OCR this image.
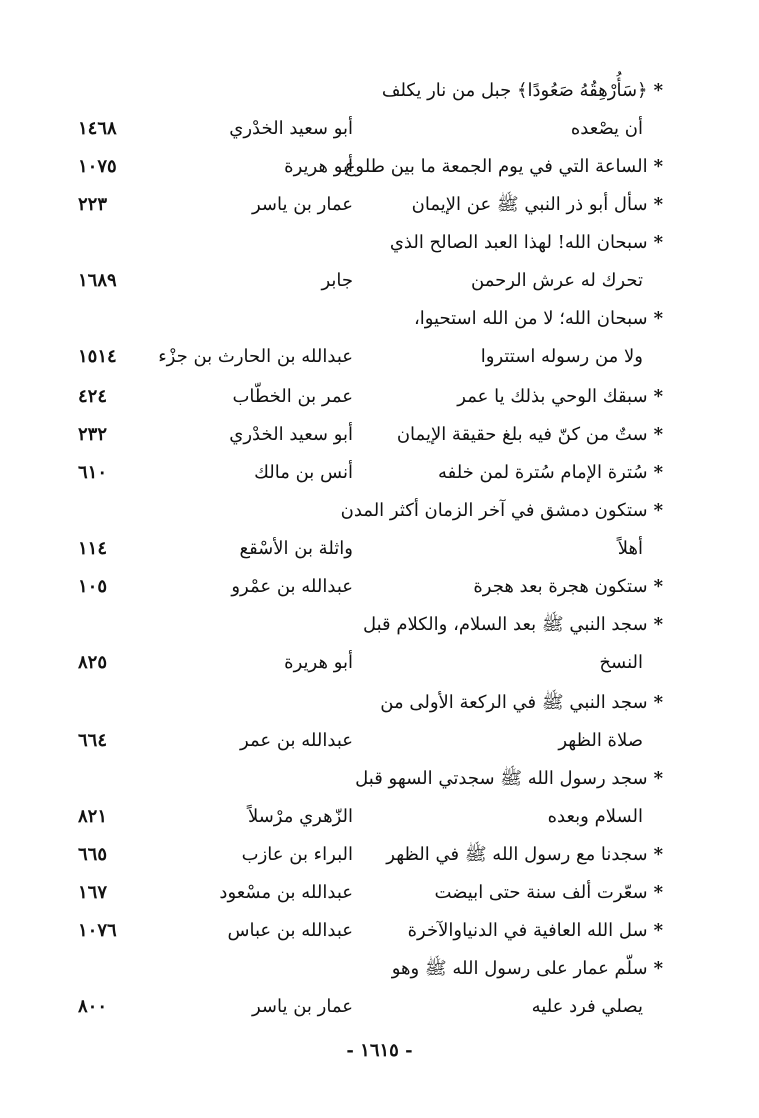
- ١٦١٥ -
*﴿سَأُرْهِقُهُ صَعُودًا﴾ جبل من نار يكلف
أن يصْعده
أبو سعيد الخدْري
١٤٦٨
*الساعة التي في يوم الجمعة ما بين طلوع
أبو هريرة
١٠٧٥
*سأل أبو ذر النبي ﷺ عن الإيمان
عمار بن ياسر
٢٢٣
*سبحان الله! لهذا العبد الصالح الذي
تحرك له عرش الرحمن
جابر
١٦٨٩
*سبحان الله؛ لا من الله استحيوا،
ولا من رسوله استتروا
عبدالله بن الحارث بن جزْء
١٥١٤
*سبقك الوحي بذلك يا عمر
عمر بن الخطّاب
٤٢٤
*ستٌ من كنّ فيه بلغ حقيقة الإيمان
أبو سعيد الخدْري
٢٣٢
*سُترة الإمام سُترة لمن خلفه
أنس بن مالك
٦١٠
*ستكون دمشق في آخر الزمان أكثر المدن
أهلاً
واثلة بن الأسْقع
١١٤
*ستكون هجرة بعد هجرة
عبدالله بن عمْرو
١٠٥
*سجد النبي ﷺ بعد السلام، والكلام قبل
النسخ
أبو هريرة
٨٢٥
*سجد النبي ﷺ في الركعة الأولى من
صلاة الظهر
عبدالله بن عمر
٦٦٤
*سجد رسول الله ﷺ سجدتي السهو قبل
السلام وبعده
الزّهري مرْسلاً
٨٢١
*سجدنا مع رسول الله ﷺ في الظهر
البراء بن عازب
٦٦٥
*سعّرت ألف سنة حتى ابيضت
عبدالله بن مسْعود
١٦٧
*سل الله العافية في الدنياوالآخرة
عبدالله بن عباس
١٠٧٦
*سلّم عمار على رسول الله ﷺ وهو
يصلي فرد عليه
عمار بن ياسر
٨٠٠
